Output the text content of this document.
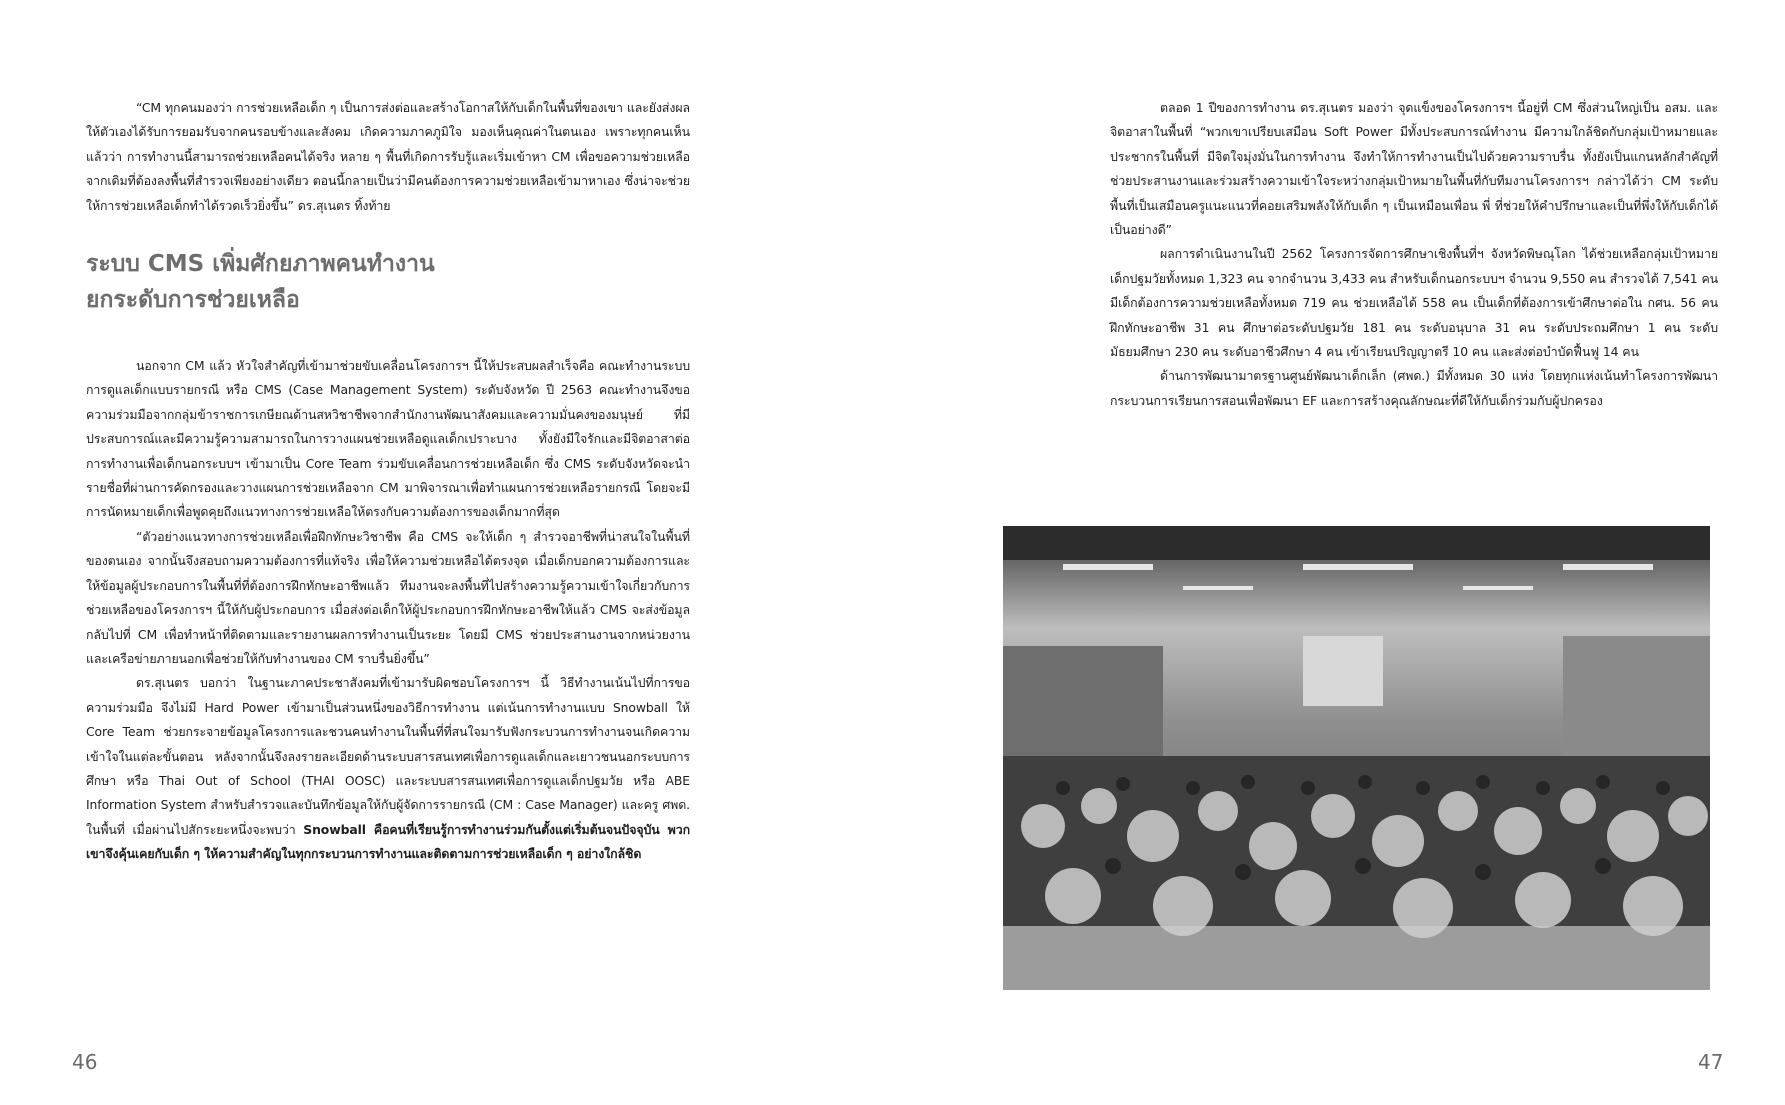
“CM ทุกคนมองว่า การช่วยเหลือเด็ก ๆ เป็นการส่งต่อและสร้างโอกาสให้กับเด็กในพื้นที่ของเขา และยังส่งผลให้ตัวเองได้รับการยอมรับจากคนรอบข้างและสังคม เกิดความภาคภูมิใจ มองเห็นคุณค่าในตนเอง เพราะทุกคนเห็นแล้วว่า การทำงานนี้สามารถช่วยเหลือคนได้จริง หลาย ๆ พื้นที่เกิดการรับรู้และเริ่มเข้าหา CM เพื่อขอความช่วยเหลือ จากเดิมที่ต้องลงพื้นที่สำรวจเพียงอย่างเดียว ตอนนี้กลายเป็นว่ามีคนต้องการความช่วยเหลือเข้ามาหาเอง ซึ่งน่าจะช่วยให้การช่วยเหลือเด็กทำได้รวดเร็วยิ่งขึ้น” ดร.สุเนตร ทิ้งท้าย

ระบบ CMS เพิ่มศักยภาพคนทำงาน
ยกระดับการช่วยเหลือ

นอกจาก CM แล้ว หัวใจสำคัญที่เข้ามาช่วยขับเคลื่อนโครงการฯ นี้ให้ประสบผลสำเร็จคือ คณะทำงานระบบการดูแลเด็กแบบรายกรณี หรือ CMS (Case Management System) ระดับจังหวัด ปี 2563 คณะทำงานจึงขอความร่วมมือจากกลุ่มข้าราชการเกษียณด้านสหวิชาชีพจากสำนักงานพัฒนาสังคมและความมั่นคงของมนุษย์ ที่มีประสบการณ์และมีความรู้ความสามารถในการวางแผนช่วยเหลือดูแลเด็กเปราะบาง ทั้งยังมีใจรักและมีจิตอาสาต่อการทำงานเพื่อเด็กนอกระบบฯ เข้ามาเป็น Core Team ร่วมขับเคลื่อนการช่วยเหลือเด็ก ซึ่ง CMS ระดับจังหวัดจะนำรายชื่อที่ผ่านการคัดกรองและวางแผนการช่วยเหลือจาก CM มาพิจารณาเพื่อทำแผนการช่วยเหลือรายกรณี โดยจะมีการนัดหมายเด็กเพื่อพูดคุยถึงแนวทางการช่วยเหลือให้ตรงกับความต้องการของเด็กมากที่สุด

“ตัวอย่างแนวทางการช่วยเหลือเพื่อฝึกทักษะวิชาชีพ คือ CMS จะให้เด็ก ๆ สำรวจอาชีพที่น่าสนใจในพื้นที่ของตนเอง จากนั้นจึงสอบถามความต้องการที่แท้จริง เพื่อให้ความช่วยเหลือได้ตรงจุด เมื่อเด็กบอกความต้องการและให้ข้อมูลผู้ประกอบการในพื้นที่ที่ต้องการฝึกทักษะอาชีพแล้ว ทีมงานจะลงพื้นที่ไปสร้างความรู้ความเข้าใจเกี่ยวกับการช่วยเหลือของโครงการฯ นี้ให้กับผู้ประกอบการ เมื่อส่งต่อเด็กให้ผู้ประกอบการฝึกทักษะอาชีพให้แล้ว CMS จะส่งข้อมูลกลับไปที่ CM เพื่อทำหน้าที่ติดตามและรายงานผลการทำงานเป็นระยะ โดยมี CMS ช่วยประสานงานจากหน่วยงานและเครือข่ายภายนอกเพื่อช่วยให้กับทำงานของ CM ราบรื่นยิ่งขึ้น”

ดร.สุเนตร บอกว่า ในฐานะภาคประชาสังคมที่เข้ามารับผิดชอบโครงการฯ นี้ วิธีทำงานเน้นไปที่การขอความร่วมมือ จึงไม่มี Hard Power เข้ามาเป็นส่วนหนึ่งของวิธีการทำงาน แต่เน้นการทำงานแบบ Snowball ให้ Core Team ช่วยกระจายข้อมูลโครงการและชวนคนทำงานในพื้นที่ที่สนใจมารับฟังกระบวนการทำงานจนเกิดความเข้าใจในแต่ละขั้นตอน หลังจากนั้นจึงลงรายละเอียดด้านระบบสารสนเทศเพื่อการดูแลเด็กและเยาวชนนอกระบบการศึกษา หรือ Thai Out of School (THAI OOSC) และระบบสารสนเทศเพื่อการดูแลเด็กปฐมวัย หรือ ABE Information System สำหรับสำรวจและบันทึกข้อมูลให้กับผู้จัดการรายกรณี (CM : Case Manager) และครู ศพด. ในพื้นที่ เมื่อผ่านไปสักระยะหนึ่งจะพบว่า Snowball คือคนที่เรียนรู้การทำงานร่วมกันตั้งแต่เริ่มต้นจนปัจจุบัน พวกเขาจึงคุ้นเคยกับเด็ก ๆ ให้ความสำคัญในทุกกระบวนการทำงานและติดตามการช่วยเหลือเด็ก ๆ อย่างใกล้ชิด

ตลอด 1 ปีของการทำงาน ดร.สุเนตร มองว่า จุดแข็งของโครงการฯ นี้อยู่ที่ CM ซึ่งส่วนใหญ่เป็น อสม. และจิตอาสาในพื้นที่ “พวกเขาเปรียบเสมือน Soft Power มีทั้งประสบการณ์ทำงาน มีความใกล้ชิดกับกลุ่มเป้าหมายและประชากรในพื้นที่ มีจิตใจมุ่งมั่นในการทำงาน จึงทำให้การทำงานเป็นไปด้วยความราบรื่น ทั้งยังเป็นแกนหลักสำคัญที่ช่วยประสานงานและร่วมสร้างความเข้าใจระหว่างกลุ่มเป้าหมายในพื้นที่กับทีมงานโครงการฯ กล่าวได้ว่า CM ระดับพื้นที่เป็นเสมือนครูแนะแนวที่คอยเสริมพลังให้กับเด็ก ๆ เป็นเหมือนเพื่อน พี่ ที่ช่วยให้คำปรึกษาและเป็นที่พึ่งให้กับเด็กได้เป็นอย่างดี”

ผลการดำเนินงานในปี 2562 โครงการจัดการศึกษาเชิงพื้นที่ฯ จังหวัดพิษณุโลก ได้ช่วยเหลือกลุ่มเป้าหมายเด็กปฐมวัยทั้งหมด 1,323 คน จากจำนวน 3,433 คน สำหรับเด็กนอกระบบฯ จำนวน 9,550 คน สำรวจได้ 7,541 คน มีเด็กต้องการความช่วยเหลือทั้งหมด 719 คน ช่วยเหลือได้ 558 คน เป็นเด็กที่ต้องการเข้าศึกษาต่อใน กศน. 56 คน ฝึกทักษะอาชีพ 31 คน ศึกษาต่อระดับปฐมวัย 181 คน ระดับอนุบาล 31 คน ระดับประถมศึกษา 1 คน ระดับมัธยมศึกษา 230 คน ระดับอาชีวศึกษา 4 คน เข้าเรียนปริญญาตรี 10 คน และส่งต่อบำบัดฟื้นฟู 14 คน

ด้านการพัฒนามาตรฐานศูนย์พัฒนาเด็กเล็ก (ศพด.) มีทั้งหมด 30 แห่ง โดยทุกแห่งเน้นทำโครงการพัฒนากระบวนการเรียนการสอนเพื่อพัฒนา EF และการสร้างคุณลักษณะที่ดีให้กับเด็กร่วมกับผู้ปกครอง

46	47
